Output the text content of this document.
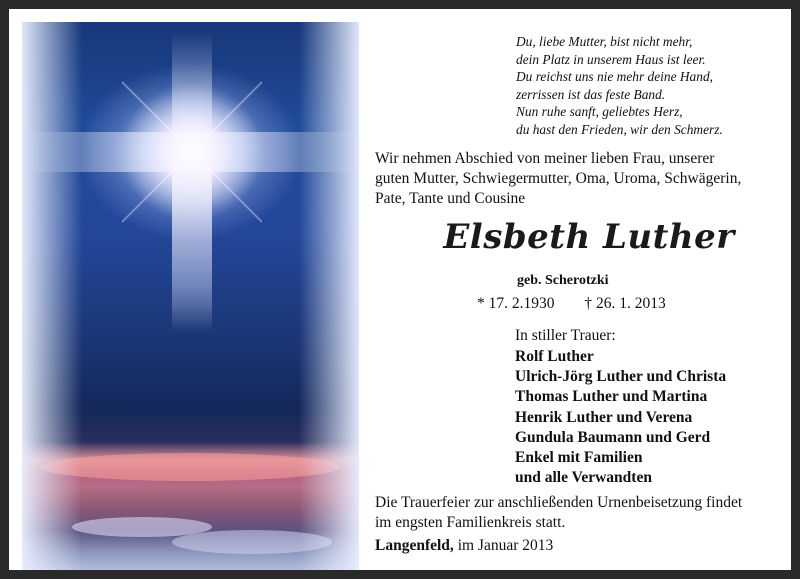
Du, liebe Mutter, bist nicht mehr,
dein Platz in unserem Haus ist leer.
Du reichst uns nie mehr deine Hand,
zerrissen ist das feste Band.
Nun ruhe sanft, geliebtes Herz,
du hast den Frieden, wir den Schmerz.
Wir nehmen Abschied von meiner lieben Frau, unserer
guten Mutter, Schwiegermutter, Oma, Uroma, Schwägerin,
Pate, Tante und Cousine
Elsbeth Luther
geb. Scherotzki
* 17. 2.1930 † 26. 1. 2013
In stiller Trauer:
Rolf Luther
Ulrich-Jörg Luther und Christa
Thomas Luther und Martina
Henrik Luther und Verena
Gundula Baumann und Gerd
Enkel mit Familien
und alle Verwandten
Die Trauerfeier zur anschließenden Urnenbeisetzung findet
im engsten Familienkreis statt.
Langenfeld, im Januar 2013
